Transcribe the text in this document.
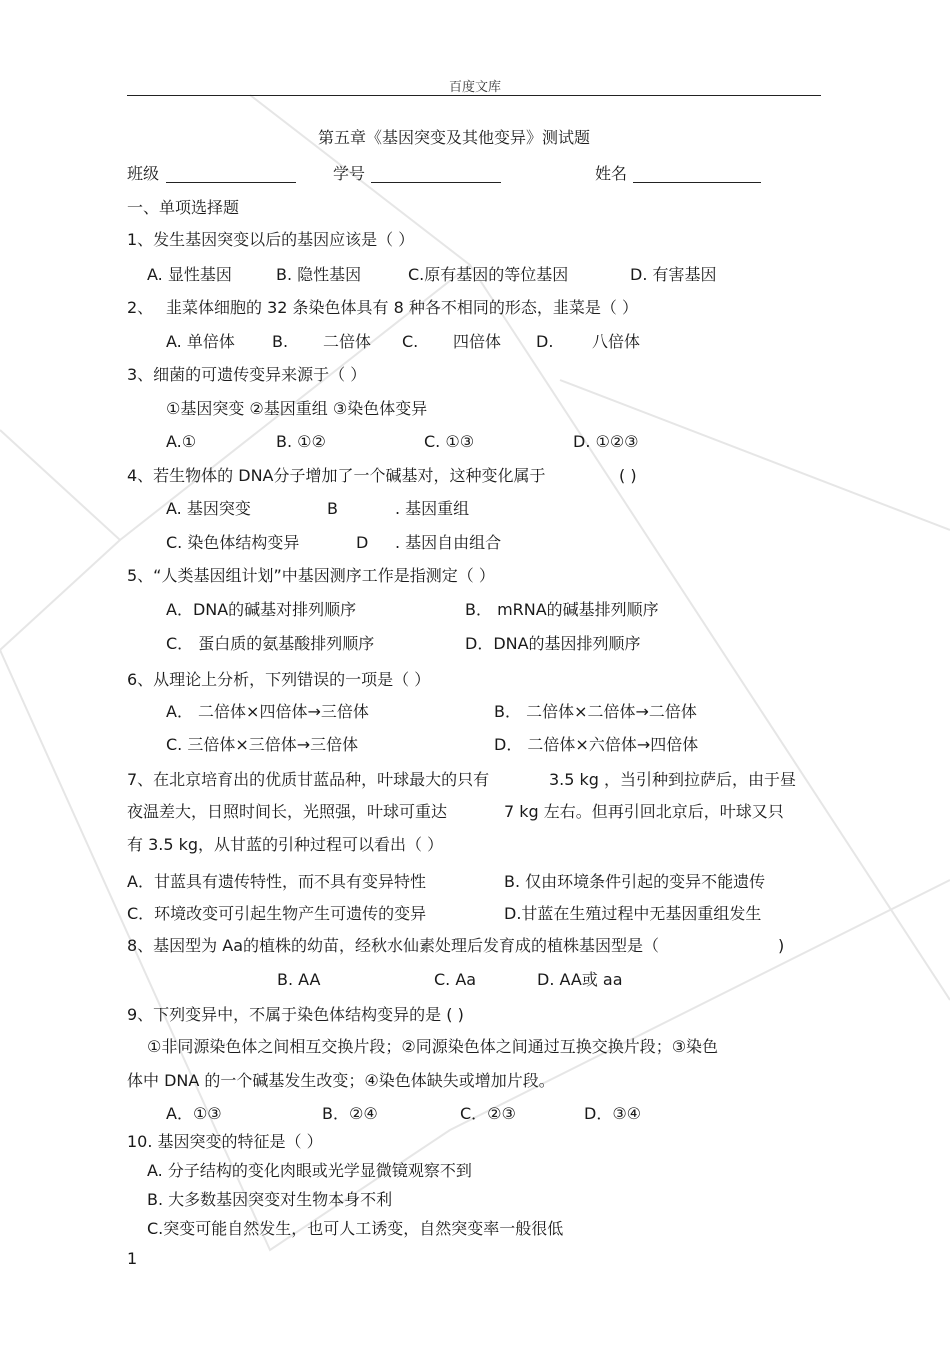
百度文库
第五章《基因突变及其他变异》测试题
班级	学号	姓名
一、单项选择题
1、发生基因突变以后的基因应该是（ ）
A. 显性基因	B. 隐性基因	C.原有基因的等位基因	D. 有害基因
2、 韭菜体细胞的 32 条染色体具有 8 种各不相同的形态，韭菜是（ ）
A. 单倍体 B. 二倍体 C. 四倍体 D. 八倍体
3、细菌的可遗传变异来源于（ ）
①基因突变 ②基因重组 ③染色体变异
A.①	B. ①②	C. ①③	D. ①②③
4、若生物体的 DNA分子增加了一个碱基对，这种变化属于	( )
A. 基因突变	B	. 基因重组
C. 染色体结构变异	D . 基因自由组合
5、“人类基因组计划”中基因测序工作是指测定（ ）
A．DNA的碱基对排列顺序	B． mRNA的碱基排列顺序
C． 蛋白质的氨基酸排列顺序	D．DNA的基因排列顺序
6、从理论上分析，下列错误的一项是（ ）
A． 二倍体×四倍体→三倍体	B． 二倍体×二倍体→二倍体
C. 三倍体×三倍体→三倍体	D． 二倍体×六倍体→四倍体
7、在北京培育出的优质甘蓝品种，叶球最大的只有	3.5 kg ，当引种到拉萨后，由于昼
夜温差大，日照时间长，光照强，叶球可重达	7 kg 左右。但再引回北京后，叶球又只
有 3.5 kg，从甘蓝的引种过程可以看出（ ）
A．甘蓝具有遗传特性，而不具有变异特性	B. 仅由环境条件引起的变异不能遗传
C．环境改变可引起生物产生可遗传的变异	D.甘蓝在生殖过程中无基因重组发生
8、基因型为 Aa的植株的幼苗，经秋水仙素处理后发育成的植株基因型是（	)
B. AA	C. Aa	D. AA或 aa
9、下列变异中，不属于染色体结构变异的是 ( )
①非同源染色体之间相互交换片段；②同源染色体之间通过互换交换片段；③染色
体中 DNA 的一个碱基发生改变；④染色体缺失或增加片段。
A．①③	B．②④	C．②③	D．③④
10. 基因突变的特征是（ ）
A. 分子结构的变化肉眼或光学显微镜观察不到
B. 大多数基因突变对生物本身不利
C.突变可能自然发生，也可人工诱变，自然突变率一般很低
1
